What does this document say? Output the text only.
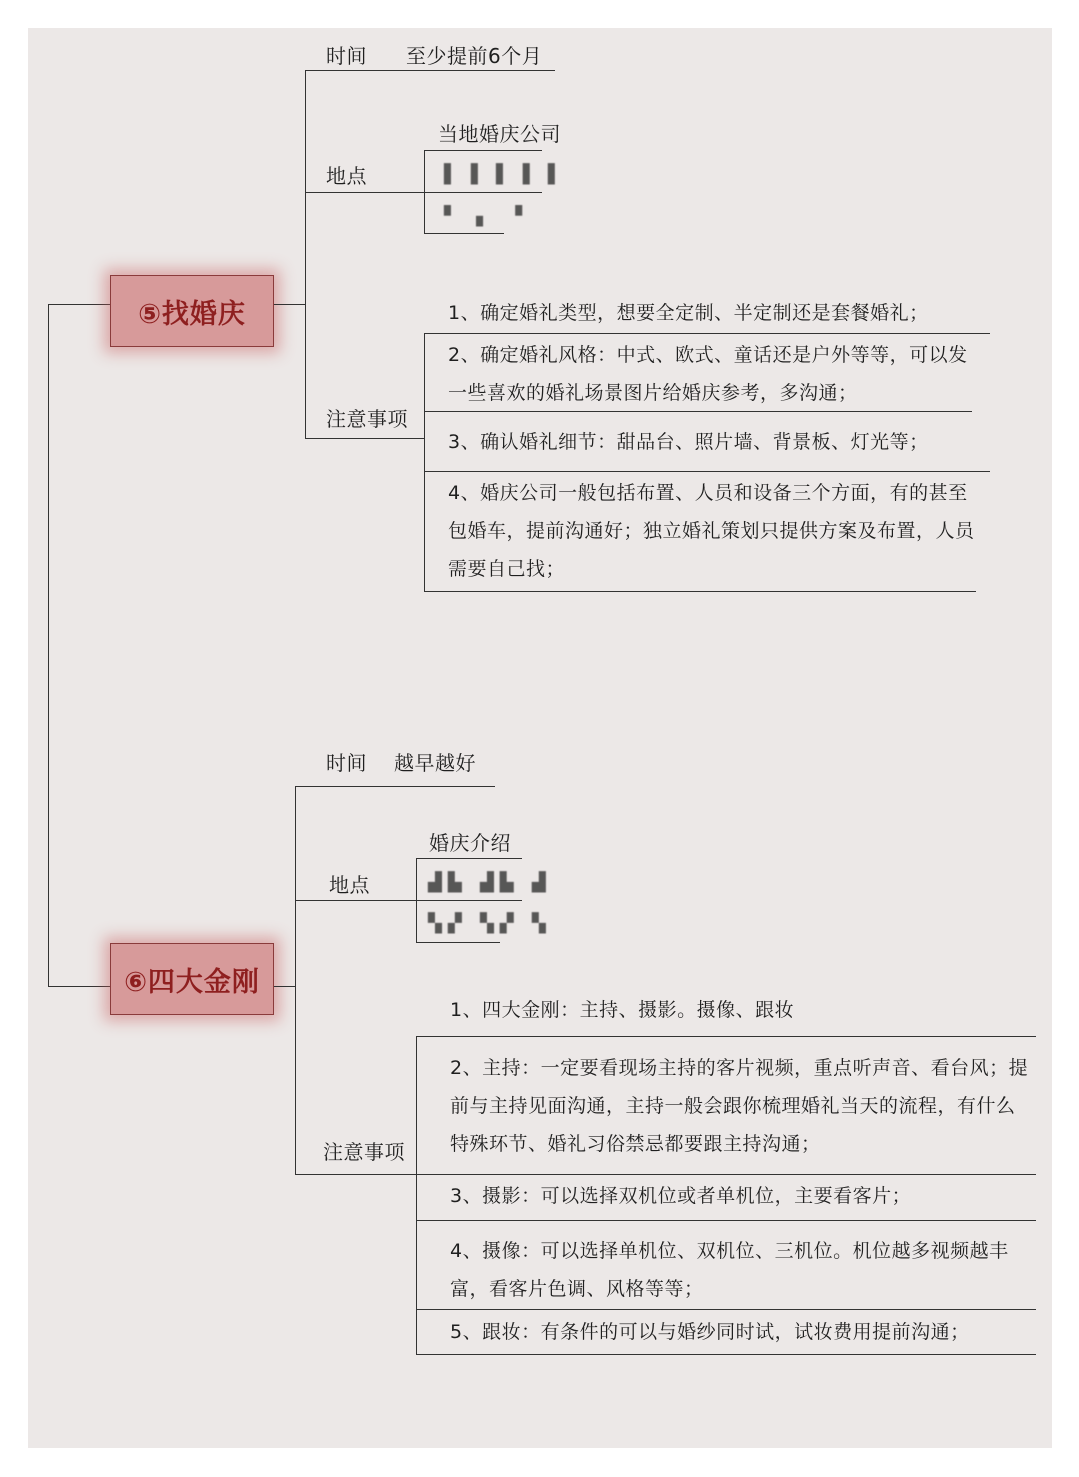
⑤找婚庆
时间 至少提前6个月
地点
当地婚庆公司
▌▐ ▌▐ ▌
▘ ▖ ▝
注意事项
1、确定婚礼类型，想要全定制、半定制还是套餐婚礼；
2、确定婚礼风格：中式、欧式、童话还是户外等等，可以发一些喜欢的婚礼场景图片给婚庆参考，多沟通；
3、确认婚礼细节：甜品台、照片墙、背景板、灯光等；
4、婚庆公司一般包括布置、人员和设备三个方面，有的甚至包婚车，提前沟通好；独立婚礼策划只提供方案及布置，人员需要自己找；
⑥四大金刚
时间 越早越好
地点
婚庆介绍
▟▙ ▟▙ ▟
▚▞ ▚▞ ▚
注意事项
1、四大金刚：主持、摄影。摄像、跟妆
2、主持：一定要看现场主持的客片视频，重点听声音、看台风；提前与主持见面沟通，主持一般会跟你梳理婚礼当天的流程，有什么特殊环节、婚礼习俗禁忌都要跟主持沟通；
3、摄影：可以选择双机位或者单机位，主要看客片；
4、摄像：可以选择单机位、双机位、三机位。机位越多视频越丰富，看客片色调、风格等等；
5、跟妆：有条件的可以与婚纱同时试，试妆费用提前沟通；
